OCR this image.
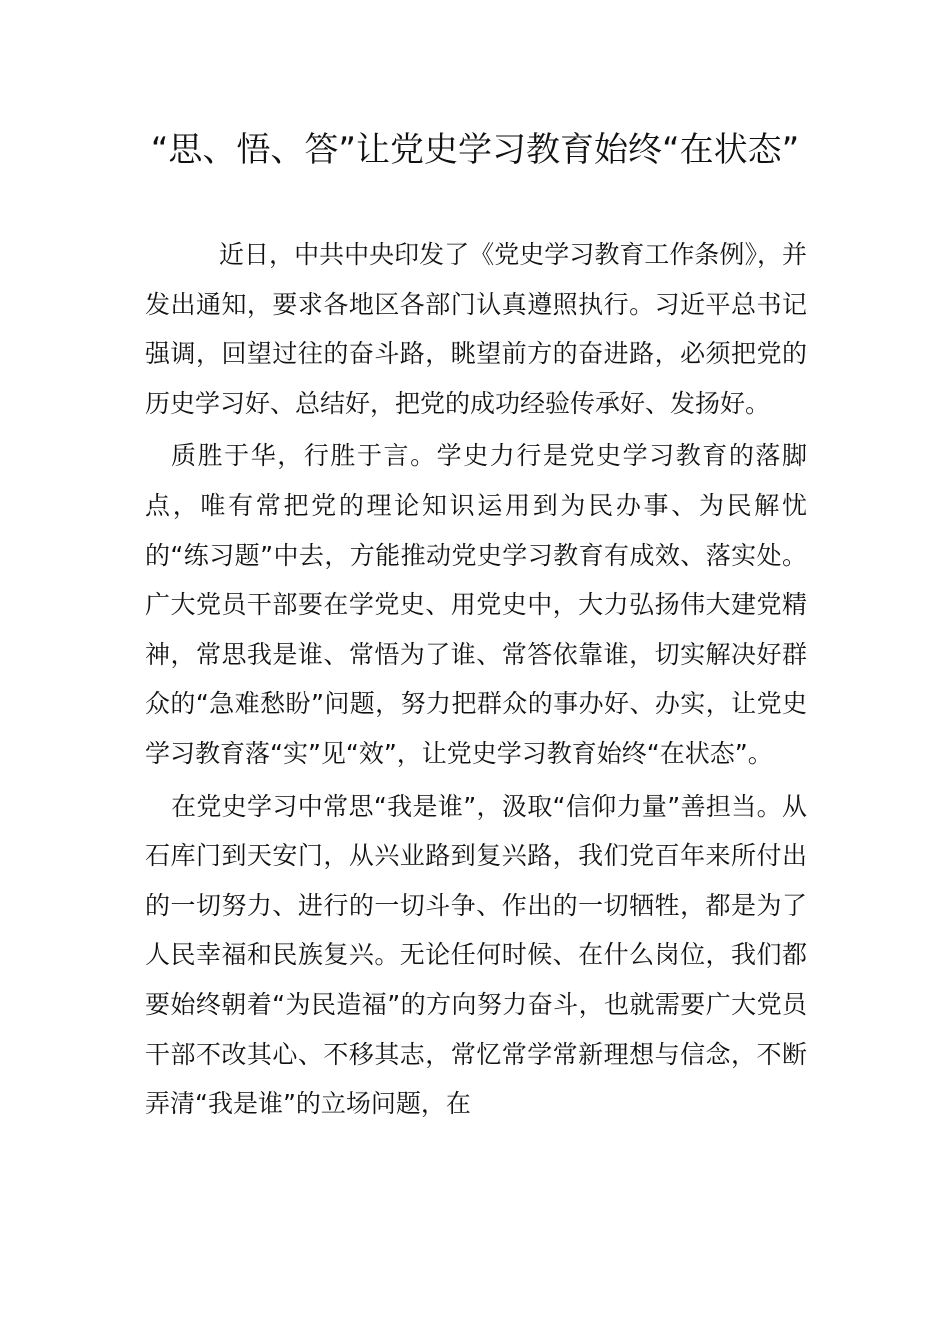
“思、悟、答”让党史学习教育始终“在状态”

近日，中共中央印发了《党史学习教育工作条例》，并发出通知，要求各地区各部门认真遵照执行。习近平总书记强调，回望过往的奋斗路，眺望前方的奋进路，必须把党的历史学习好、总结好，把党的成功经验传承好、发扬好。

质胜于华，行胜于言。学史力行是党史学习教育的落脚点，唯有常把党的理论知识运用到为民办事、为民解忧的“练习题”中去，方能推动党史学习教育有成效、落实处。广大党员干部要在学党史、用党史中，大力弘扬伟大建党精神，常思我是谁、常悟为了谁、常答依靠谁，切实解决好群众的“急难愁盼”问题，努力把群众的事办好、办实，让党史学习教育落“实”见“效”，让党史学习教育始终“在状态”。

在党史学习中常思“我是谁”，汲取“信仰力量”善担当。从石库门到天安门，从兴业路到复兴路，我们党百年来所付出的一切努力、进行的一切斗争、作出的一切牺牲，都是为了人民幸福和民族复兴。无论任何时候、在什么岗位，我们都要始终朝着“为民造福”的方向努力奋斗，也就需要广大党员干部不改其心、不移其志，常忆常学常新理想与信念，不断弄清“我是谁”的立场问题，在
